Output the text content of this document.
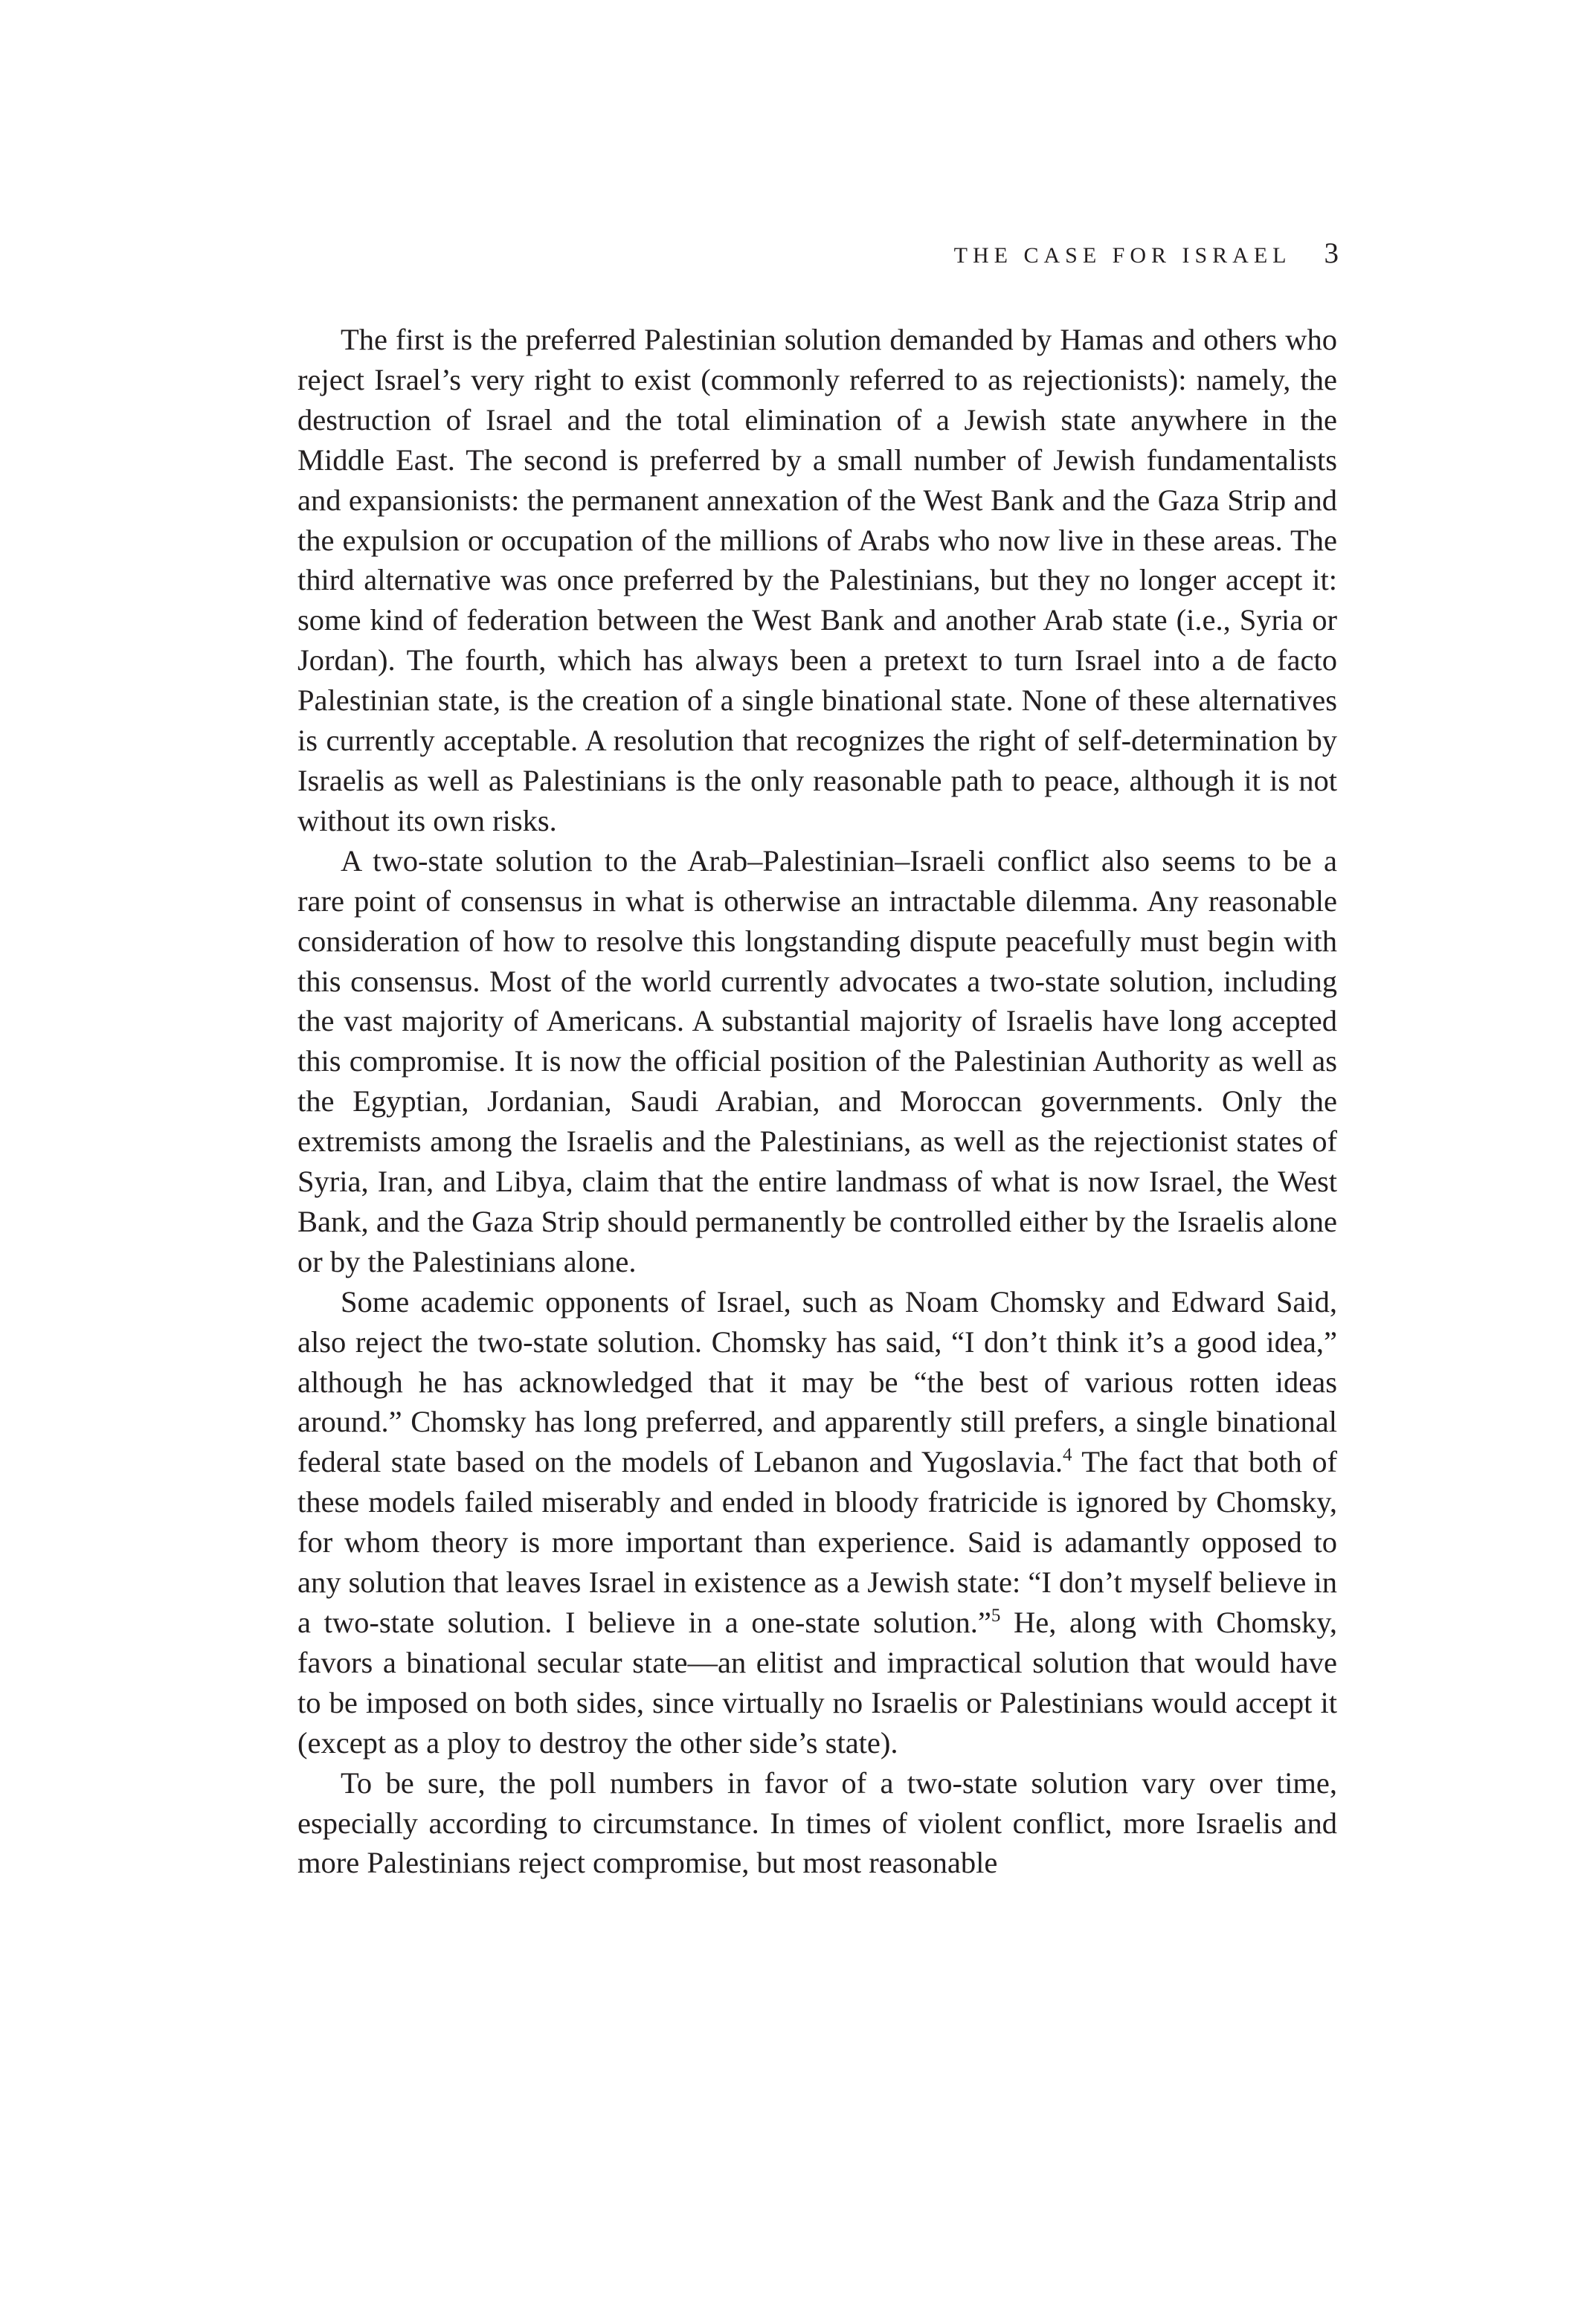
THE CASE FOR ISRAEL 3

The first is the preferred Palestinian solution demanded by Hamas and others who reject Israel’s very right to exist (commonly referred to as rejectionists): namely, the destruction of Israel and the total elimination of a Jewish state anywhere in the Middle East. The second is preferred by a small number of Jewish fundamentalists and expansionists: the permanent annexation of the West Bank and the Gaza Strip and the expulsion or occupation of the millions of Arabs who now live in these areas. The third alternative was once preferred by the Palestinians, but they no longer accept it: some kind of federation between the West Bank and another Arab state (i.e., Syria or Jordan). The fourth, which has always been a pretext to turn Israel into a de facto Palestinian state, is the creation of a single binational state. None of these alternatives is currently acceptable. A resolution that recognizes the right of self-determination by Israelis as well as Palestinians is the only reasonable path to peace, although it is not without its own risks.

A two-state solution to the Arab–Palestinian–Israeli conflict also seems to be a rare point of consensus in what is otherwise an intractable dilemma. Any reasonable consideration of how to resolve this longstanding dispute peacefully must begin with this consensus. Most of the world currently advocates a two-state solution, including the vast majority of Americans. A substantial majority of Israelis have long accepted this compromise. It is now the official position of the Palestinian Authority as well as the Egyptian, Jordanian, Saudi Arabian, and Moroccan governments. Only the extremists among the Israelis and the Palestinians, as well as the rejectionist states of Syria, Iran, and Libya, claim that the entire landmass of what is now Israel, the West Bank, and the Gaza Strip should permanently be controlled either by the Israelis alone or by the Palestinians alone.

Some academic opponents of Israel, such as Noam Chomsky and Edward Said, also reject the two-state solution. Chomsky has said, “I don’t think it’s a good idea,” although he has acknowledged that it may be “the best of various rotten ideas around.” Chomsky has long preferred, and apparently still prefers, a single binational federal state based on the models of Lebanon and Yugoslavia.$^4$ The fact that both of these models failed miserably and ended in bloody fratricide is ignored by Chomsky, for whom theory is more important than experience. Said is adamantly opposed to any solution that leaves Israel in existence as a Jewish state: “I don’t myself believe in a two-state solution. I believe in a one-state solution.”$^5$ He, along with Chomsky, favors a binational secular state—an elitist and impractical solution that would have to be imposed on both sides, since virtually no Israelis or Palestinians would accept it (except as a ploy to destroy the other side’s state).

To be sure, the poll numbers in favor of a two-state solution vary over time, especially according to circumstance. In times of violent conflict, more Israelis and more Palestinians reject compromise, but most reasonable
